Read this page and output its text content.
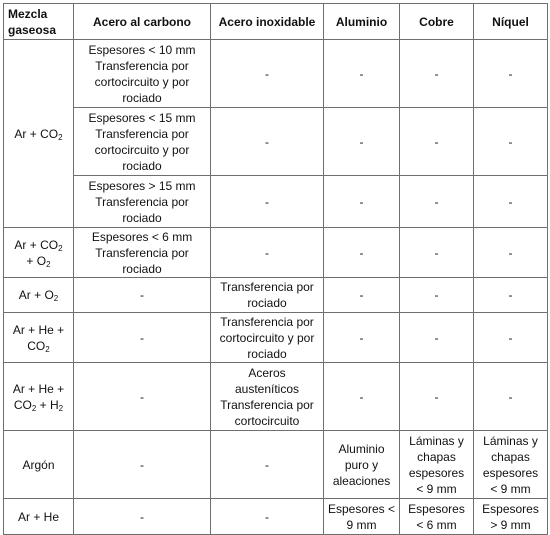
Mezcla
gaseosa	Acero al carbono	Acero inoxidable	Aluminio	Cobre	Níquel
$Ar + CO_2$	Espesores < 10 mm
Transferencia por
cortocircuito y por
rociado	-	-	-	-
	Espesores < 15 mm
Transferencia por
cortocircuito y por
rociado	-	-	-	-
	Espesores > 15 mm
Transferencia por
rociado	-	-	-	-
$Ar + CO_2$
+ $O_2$	Espesores < 6 mm
Transferencia por
rociado	-	-	-	-
$Ar + O_2$	-	Transferencia por
rociado	-	-	-
$Ar + He + CO_2$	-	Transferencia por
cortocircuito y por
rociado	-	-	-
$Ar + He + CO_2 + H_2$	-	Aceros
austeníticos
Transferencia por
cortocircuito	-	-	-
Argón	-	-	Aluminio
puro y
aleaciones	Láminas y
chapas
espesores
< 9 mm	Láminas y
chapas
espesores
< 9 mm
Ar + He	-	-	Espesores <
9 mm	Espesores
< 6 mm	Espesores
> 9 mm
